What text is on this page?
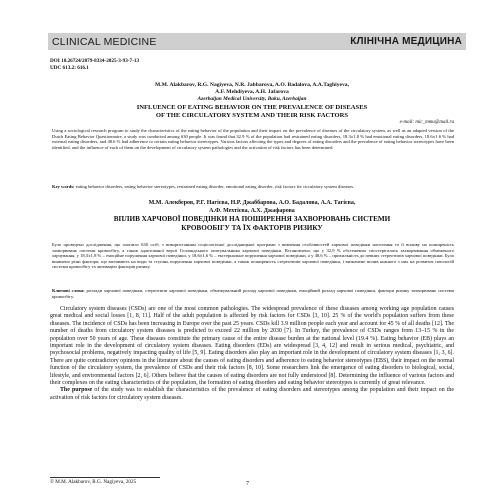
CLINICAL MEDICINE	КЛІНІЧНА МЕДИЦИНА
DOI 10.26724/2079-8334-2025-3-93-7-13
UDC 613.2: 616.1
M.M. Alakbarov, R.G. Nagiyeva, N.R. Jabbarova, A.O. Badalova, A.A.Taghiyeva,
A.F. Mehdiyeva, A.H. Jafarova
Azerbaijan Medical University, Baku, Azerbaijan
INFLUENCE OF EATING BEHAVIOR ON THE PREVALENCE OF DISEASES
OF THE CIRCULATORY SYSTEM AND THEIR RISK FACTORS
e-mail: mic_mmu@mail.ru
Using a sociological research program to study the characteristics of the eating behavior of the population and their impact on the prevalence of diseases of the circulatory system, as well as an adapted version of the Dutch Eating Behavior Questionnaire, a study was conducted among 630 people. It was found that 32.9 % of the population had restrained eating disorders, 18.3±1.8 % had emotional eating disorders, 18.6±1.6 % had external eating disorders, and 48.6 % had adherence to certain eating behavior stereotypes. Various factors affecting the types and degrees of eating disorders and the prevalence of eating behavior stereotypes have been identified, and the influence of each of them on the development of circulatory system pathologies and the activation of risk factors has been determined.
Key words: eating behavior disorders, eating behavior stereotypes, restrained eating disorder, emotional eating disorder, risk factors for circulatory system diseases.
М.М. Алекберов, Р.Г. Нагієва, Н.Р. Джаббарова, А.О. Бадалова, А.А. Тагієва,
А.Ф. Мехтієва, А.Х. Джафарова
ВПЛИВ ХАРЧОВОЇ ПОВЕДІНКИ НА ПОШИРЕННЯ ЗАХВОРЮВАНЬ СИСТЕМИ
КРОВООБІГУ ТА ЇХ ФАКТОРІВ РИЗИКУ
Було проведено дослідження, що охопило 630 осіб, з використанням соціологічної дослідницької програми з вивчення особливостей харчової поведінки населення та її впливу на поширеність захворювань системи кровообігу, а також адаптованої версії Голландського опитувальника харчової поведінки. Встановлено, що у 32,9 % обстежених спостерігались захворювання обмеженого харчування, у 18,3±1,8 % – емоційне порушення харчової поведінки, у 18,6±1,6 % – екстернальне порушення харчової поведінки, а у 48,6 % – прихильність до певних стереотипів харчової поведінки. Було виявлено різні фактори, що впливають на види та ступінь порушення харчової поведінки, а також поширеність стереотипів харчової поведінки, і визначено вплив кожного з них на розвиток патологій системи кровообігу та активацію факторів ризику.
Ключові слова: розлади харчової поведінки, стереотипи харчової поведінки, обмежувальний розлад харчової поведінки, емоційний розлад харчової поведінки, фактори ризику захворювань системи кровообігу.

Circulatory system diseases (CSDs) are one of the most common pathologies. The widespread prevalence of these diseases among working age population causes great medical and social losses [1, 8, 11]. Half of the adult population is affected by risk factors for CSDs [3, 10]. 25 % of the world's population suffers from these diseases. The incidence of CSDs has been increasing in Europe over the past 25 years. CSDs kill 3.9 million people each year and account for 45 % of all deaths [12]. The number of deaths from circulatory system diseases is predicted to exceed 22 million by 2030 [7]. In Turkey, the prevalence of CSDs ranges from 13–15 % in the population over 50 years of age. These diseases constitute the primary cause of the entire disease burden at the national level (19.4 %). Eating behavior (EB) plays an important role in the development of circulatory system diseases. Eating disorders (EDs) are widespread [3, 4, 12] and result in serious medical, psychiatric, and psychosocial problems, negatively impacting quality of life [5, 9]. Eating disorders also play an important role in the development of circulatory system diseases [1, 3, 6]. There are quite contradictory opinions in the literature about the causes of eating disorders and adherence to eating behavior stereotypes (EBS), their impact on the normal function of the circulatory system, the prevalence of CSDs and their risk factors [8, 10]. Some researchers link the emergence of eating disorders to biological, social, lifestyle, and environmental factors [2, 6]. Others believe that the causes of eating disorders are not fully understood [8]. Determining the influence of various factors and their complexes on the eating characteristics of the population, the formation of eating disorders and eating behavior stereotypes is currently of great relevance.

The purpose of the study was to establish the characteristics of the prevalence of eating disorders and stereotypes among the population and their impact on the activation of risk factors for circulatory system diseases.

© M.M. Alakbarov, R.G. Nagiyeva, 2025	7
